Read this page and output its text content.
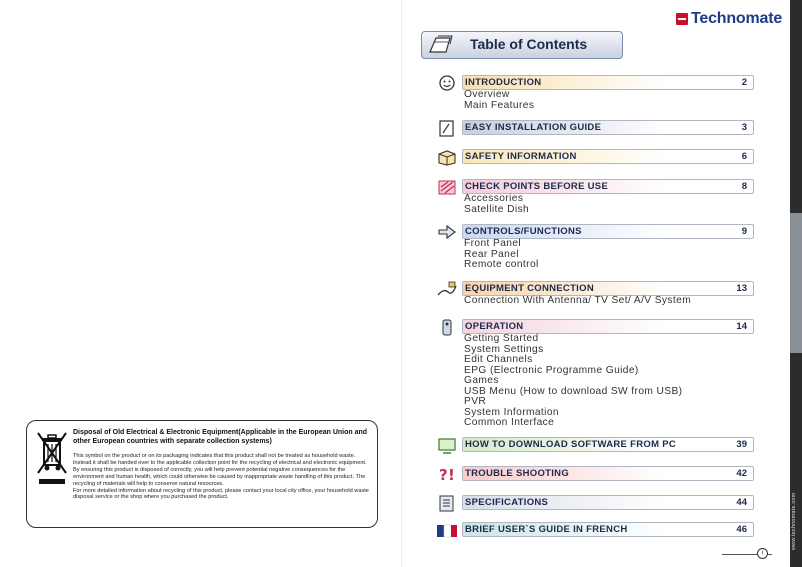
www.technomate.com
Technomate
Table of Contents
INTRODUCTION	2
Overview
Main Features
EASY INSTALLATION GUIDE	3
SAFETY INFORMATION	6
CHECK POINTS BEFORE USE	8
Accessories
Satellite Dish
CONTROLS/FUNCTIONS	9
Front Panel
Rear Panel
Remote control
EQUIPMENT CONNECTION	13
Connection With Antenna/ TV Set/ A/V System
OPERATION	14
Getting Started
System Settings
Edit Channels
EPG (Electronic Programme Guide)
Games
USB Menu (How to download SW from USB)
PVR
System Information
Common Interface
HOW TO DOWNLOAD SOFTWARE FROM PC	39
? ! TROUBLE SHOOTING	42
SPECIFICATIONS	44
? BRIEF USER`S GUIDE IN FRENCH	46
Disposal of Old Electrical & Electronic Equipment(Applicable in the European Union and other European countries with separate collection systems)

This symbol on the product or on its packaging indicates that this product shall not be treated as household waste. Instead it shall be handed over to the applicable collection point for the recycling of electrical and electronic equipment. By ensuring this product is disposed of correctly, you will help prevent potential negative consequences for the environment and human health, which could otherwise be caused by inappropriate waste handling of this product. The recycling of materials will help to conserve natural resources.

For more detailed information about recycling of this product, please contact your local city office, your household waste disposal service or the shop where you purchased the product.

i
